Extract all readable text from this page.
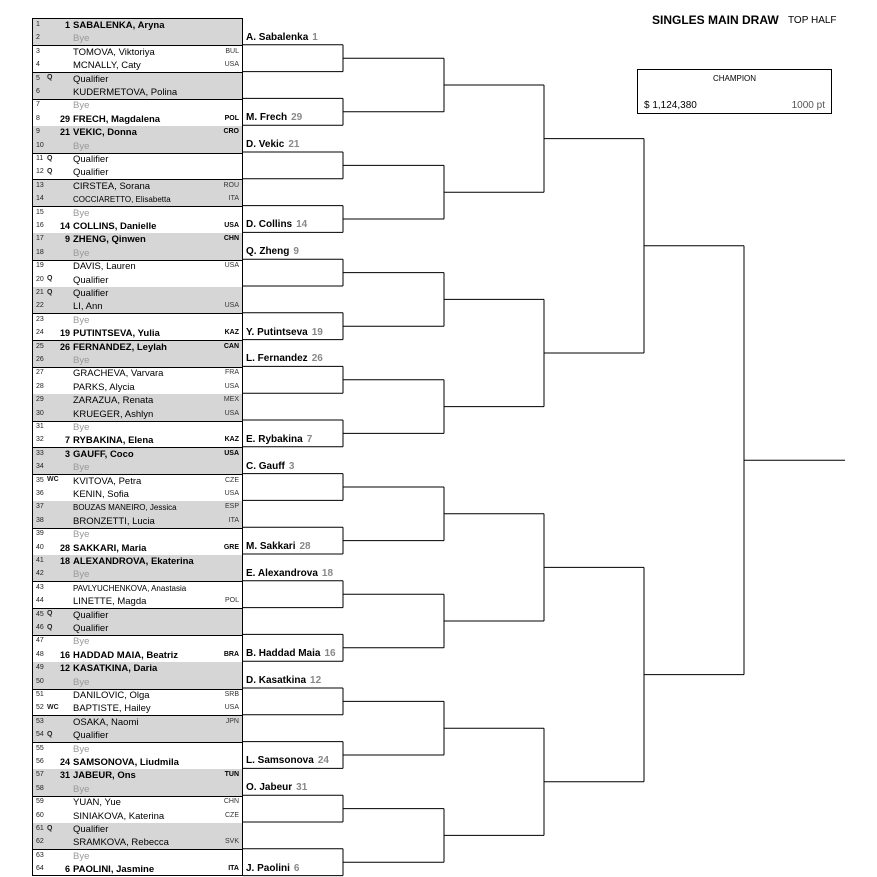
SINGLES MAIN DRAW TOP HALF
CHAMPION
$ 1,124,380	1000 pt
1	1 SABALENKA, Aryna
2	Bye
3	TOMOVA, Viktoriya	BUL
4	MCNALLY, Caty	USA
5 Q Qualifier
6	KUDERMETOVA, Polina
7	Bye
8	29 FRECH, Magdalena	POL
9	21 VEKIC, Donna	CRO
10	Bye
11 Q Qualifier
12 Q Qualifier
13	CIRSTEA, Sorana	ROU
14	COCCIARETTO, Elisabetta	ITA
15	Bye
16	14 COLLINS, Danielle	USA
17	9 ZHENG, Qinwen	CHN
18	Bye
19	DAVIS, Lauren	USA
20 Q Qualifier
21 Q Qualifier
22	LI, Ann	USA
23	Bye
24	19 PUTINTSEVA, Yulia	KAZ
25	26 FERNANDEZ, Leylah	CAN
26	Bye
27	GRACHEVA, Varvara	FRA
28	PARKS, Alycia	USA
29	ZARAZUA, Renata	MEX
30	KRUEGER, Ashlyn	USA
31	Bye
32	7 RYBAKINA, Elena	KAZ
33	3 GAUFF, Coco	USA
34	Bye
35 WC KVITOVA, Petra	CZE
36	KENIN, Sofia	USA
37	BOUZAS MANEIRO, Jessica	ESP
38	BRONZETTI, Lucia	ITA
39	Bye
40	28 SAKKARI, Maria	GRE
41	18 ALEXANDROVA, Ekaterina
42	Bye
43	PAVLYUCHENKOVA, Anastasia
44	LINETTE, Magda	POL
45 Q Qualifier
46 Q Qualifier
47	Bye
48	16 HADDAD MAIA, Beatriz	BRA
49	12 KASATKINA, Daria
50	Bye
51	DANILOVIC, Olga	SRB
52 WC BAPTISTE, Hailey	USA
53	OSAKA, Naomi	JPN
54 Q Qualifier
55	Bye
56	24 SAMSONOVA, Liudmila
57	31 JABEUR, Ons	TUN
58	Bye
59	YUAN, Yue	CHN
60	SINIAKOVA, Katerina	CZE
61 Q Qualifier
62	SRAMKOVA, Rebecca	SVK
63	Bye
64	6 PAOLINI, Jasmine	ITA
A. Sabalenka 1
M. Frech 29
D. Vekic 21
D. Collins 14
Q. Zheng 9
Y. Putintseva 19
L. Fernandez 26
E. Rybakina 7
C. Gauff 3
M. Sakkari 28
E. Alexandrova 18
B. Haddad Maia 16
D. Kasatkina 12
L. Samsonova 24
O. Jabeur 31
J. Paolini 6
